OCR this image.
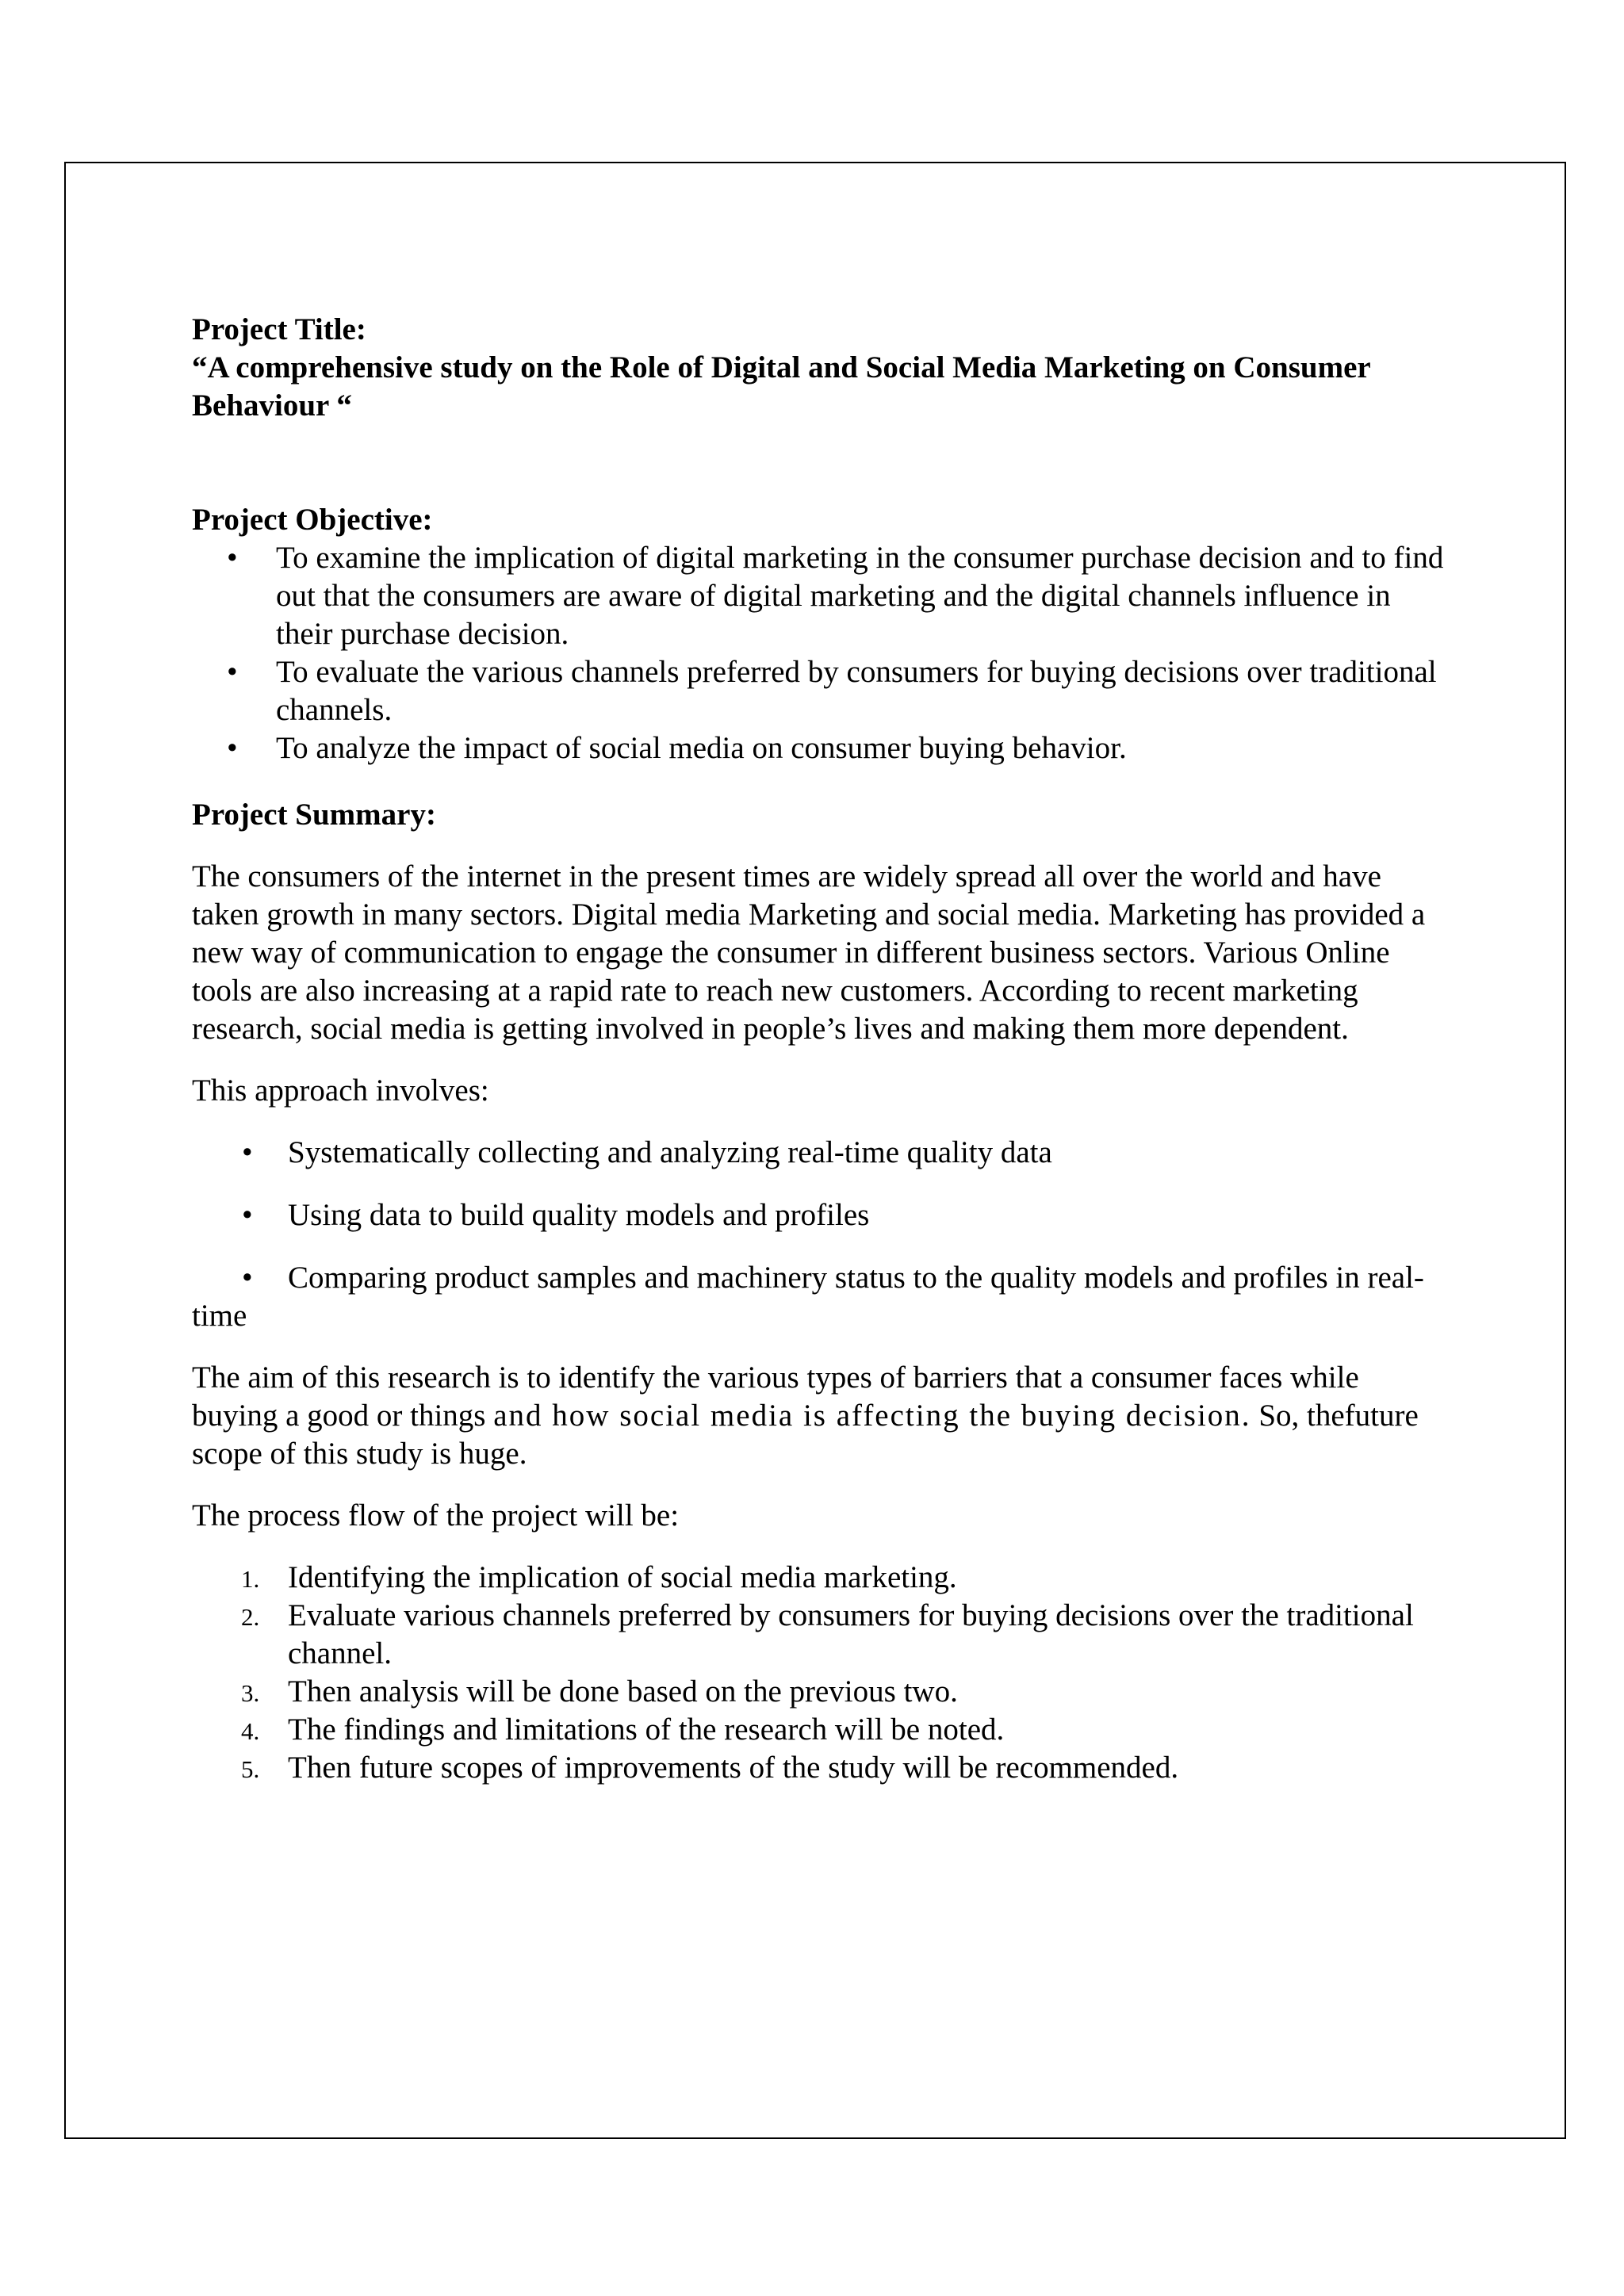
Project Title:

“A comprehensive study on the Role of Digital and Social Media Marketing on Consumer Behaviour “

Project Objective:

• To examine the implication of digital marketing in the consumer purchase decision and to find out that the consumers are aware of digital marketing and the digital channels influence in their purchase decision.
• To evaluate the various channels preferred by consumers for buying decisions over traditional channels.
• To analyze the impact of social media on consumer buying behavior.

Project Summary:

The consumers of the internet in the present times are widely spread all over the world and have taken growth in many sectors. Digital media Marketing and social media. Marketing has provided a new way of communication to engage the consumer in different business sectors. Various Online tools are also increasing at a rapid rate to reach new customers. According to recent marketing research, social media is getting involved in people’s lives and making them more dependent.

This approach involves:

• Systematically collecting and analyzing real-time quality data
• Using data to build quality models and profiles
• Comparing product samples and machinery status to the quality models and profiles in real-time

The aim of this research is to identify the various types of barriers that a consumer faces while buying a good or things and how social media is affecting the buying decision. So, thefuture scope of this study is huge.

The process flow of the project will be:

1. Identifying the implication of social media marketing.
2. Evaluate various channels preferred by consumers for buying decisions over the traditional channel.
3. Then analysis will be done based on the previous two.
4. The findings and limitations of the research will be noted.
5. Then future scopes of improvements of the study will be recommended.
